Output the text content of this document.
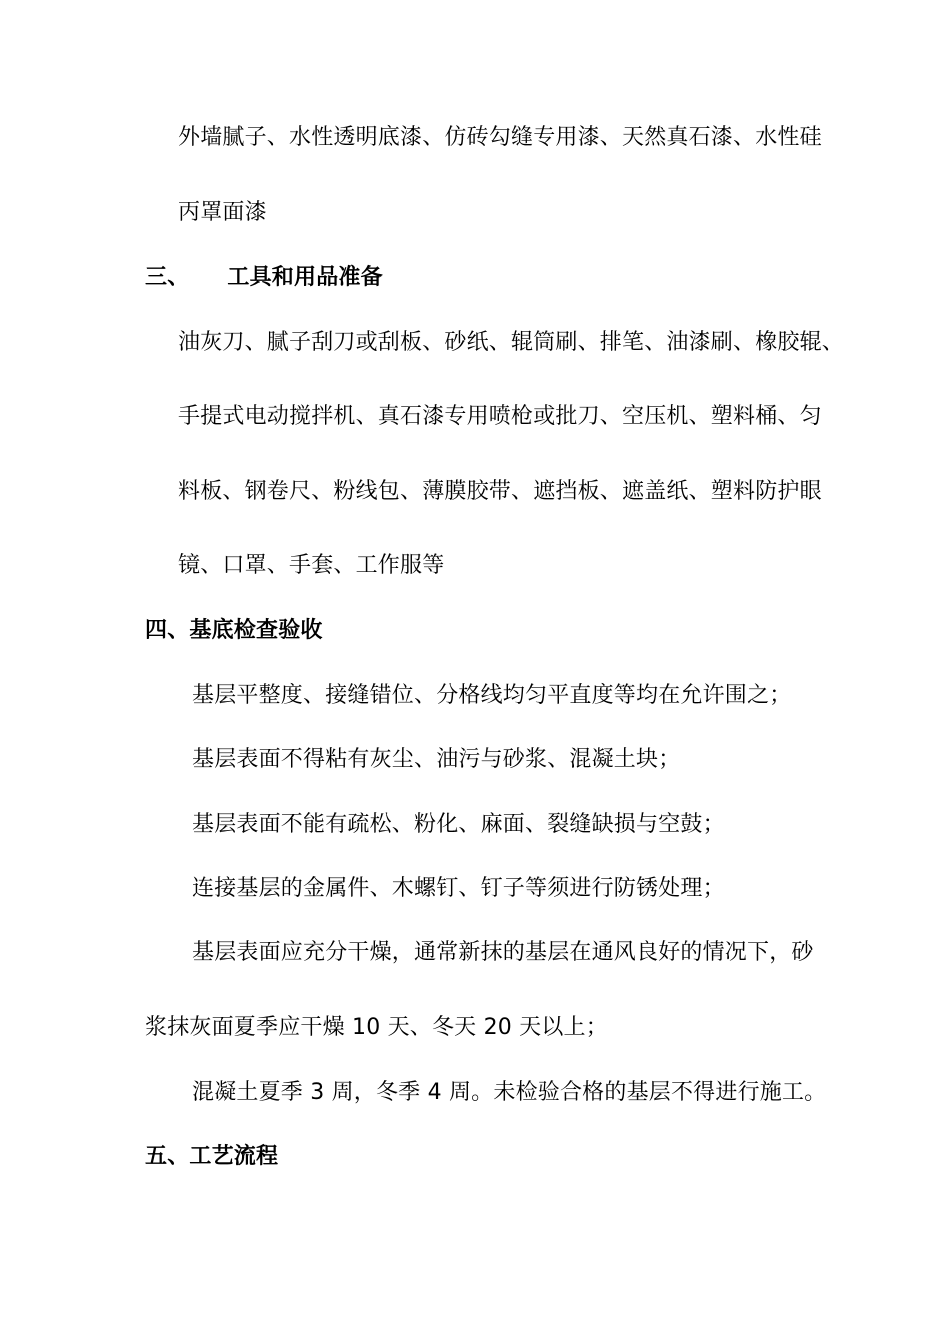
外墙腻子、水性透明底漆、仿砖勾缝专用漆、天然真石漆、水性硅
丙罩面漆
三、 工具和用品准备
油灰刀、腻子刮刀或刮板、砂纸、辊筒刷、排笔、油漆刷、橡胶辊、
手提式电动搅拌机、真石漆专用喷枪或批刀、空压机、塑料桶、匀
料板、钢卷尺、粉线包、薄膜胶带、遮挡板、遮盖纸、塑料防护眼
镜、口罩、手套、工作服等
四、基底检查验收
基层平整度、接缝错位、分格线均匀平直度等均在允许围之；
基层表面不得粘有灰尘、油污与砂浆、混凝土块；
基层表面不能有疏松、粉化、麻面、裂缝缺损与空鼓；
连接基层的金属件、木螺钉、钉子等须进行防锈处理；
基层表面应充分干燥，通常新抹的基层在通风良好的情况下，砂
浆抹灰面夏季应干燥 10 天、冬天 20 天以上；
混凝土夏季 3 周，冬季 4 周。未检验合格的基层不得进行施工。
五、工艺流程
